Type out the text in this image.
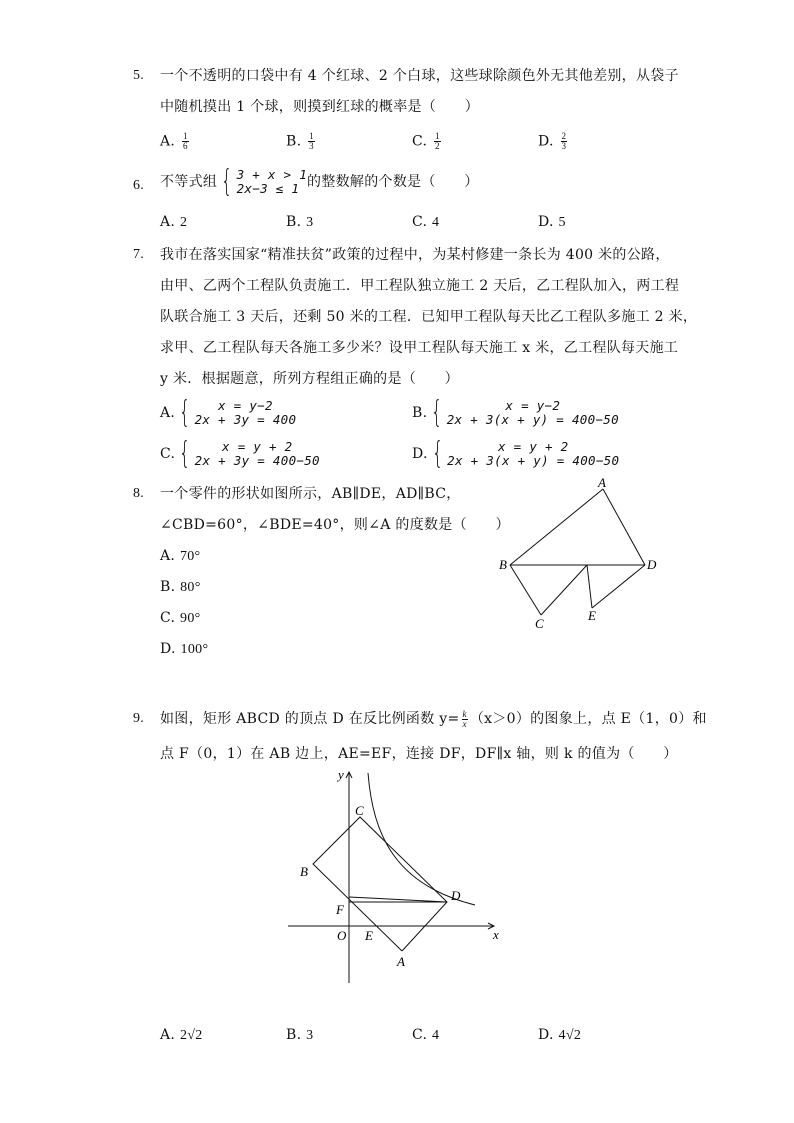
5. 一个不透明的口袋中有 4 个红球、2 个白球，这些球除颜色外无其他差别，从袋子
中随机摸出 1 个球，则摸到红球的概率是（　　）
A. $\frac{1}{6}$	B. $\frac{1}{3}$	C. $\frac{1}{2}$	D. $\frac{2}{3}$
6. 不等式组 { 3 + x > 1
2x−3 ≤ 1 的整数解的个数是（　　）
A. 2	B. 3	C. 4	D. 5
7. 我市在落实国家“精准扶贫”政策的过程中，为某村修建一条长为 400 米的公路，
由甲、乙两个工程队负责施工．甲工程队独立施工 2 天后，乙工程队加入，两工程
队联合施工 3 天后，还剩 50 米的工程．已知甲工程队每天比乙工程队多施工 2 米，
求甲、乙工程队每天各施工多少米？设甲工程队每天施工 x 米，乙工程队每天施工
y 米．根据题意，所列方程组正确的是（　　）
A. {	x = y−2
2x + 3y = 400	B. {	x = y−2
2x + 3(x + y) = 400−50
C. {	x = y + 2
2x + 3y = 400−50	D. {	x = y + 2
2x + 3(x + y) = 400−50
8. 一个零件的形状如图所示，AB∥DE，AD∥BC，
∠CBD=60°，∠BDE=40°，则∠A 的度数是（　　）
A. 70°
B. 80°
C. 90°
D. 100°
A
B
C
D
E
9. 如图，矩形 ABCD 的顶点 D 在反比例函数 $y= \frac{k}{x} (x>0)$的图象上，点 E（1，0）和
点 F（0，1）在 AB 边上，AE=EF，连接 DF，DF∥x 轴，则 k 的值为（　　）
y
x
O E
F
D
B
C
A
A. 2√2	B. 3	C. 4	D. 4√2
